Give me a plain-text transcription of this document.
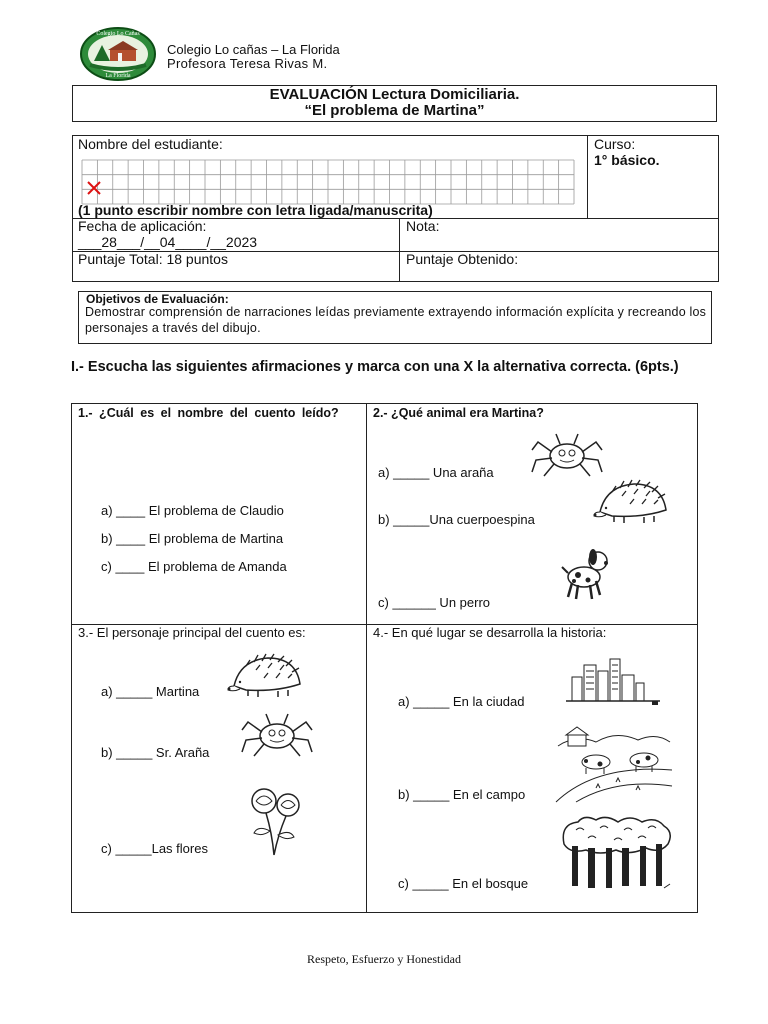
Colegio Lo Cañas
La Florida
Colegio Lo cañas – La Florida
Profesora Teresa Rivas M.
EVALUACIÓN Lectura Domiciliaria.
“El problema de Martina”
Nombre del estudiante:
(1 punto escribir nombre con letra ligada/manuscrita)
Curso:
1° básico.
Fecha de aplicación:
___28___/__04____/__2023
Nota:
Puntaje Total: 18 puntos	Puntaje Obtenido:
Objetivos de Evaluación:
Demostrar comprensión de narraciones leídas previamente extrayendo información explícita y recreando los personajes a través del dibujo.
I.- Escucha las siguientes afirmaciones y marca con una X la alternativa correcta. (6pts.)
1.- ¿Cuál es el nombre del cuento leído?
a) ____ El problema de Claudio
b) ____ El problema de Martina
c) ____ El problema de Amanda
2.- ¿Qué animal era Martina?
a) _____ Una araña
b) _____Una cuerpoespina
c) ______ Un perro
3.- El personaje principal del cuento es:
a) _____ Martina
b) _____ Sr. Araña
c) _____Las flores
4.- En qué lugar se desarrolla la historia:
a) _____ En la ciudad
b) _____ En el campo
c) _____ En el bosque
Respeto, Esfuerzo y Honestidad
